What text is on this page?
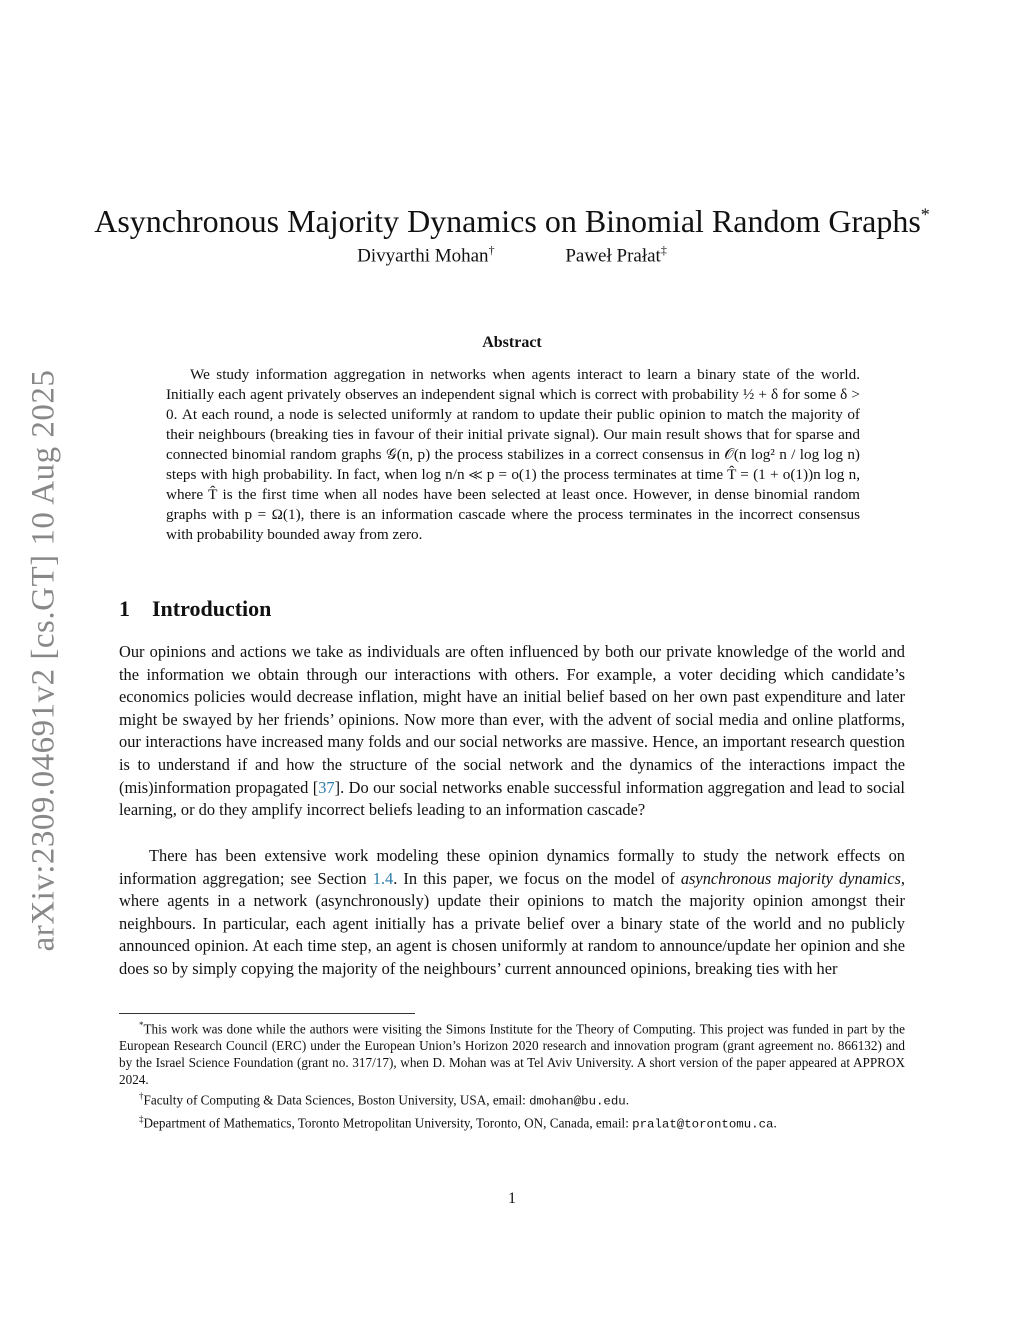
arXiv:2309.04691v2 [cs.GT] 10 Aug 2025
Asynchronous Majority Dynamics on Binomial Random Graphs*
Divyarthi Mohan†	Paweł Prałat‡
Abstract

We study information aggregation in networks when agents interact to learn a binary state of the world. Initially each agent privately observes an independent signal which is correct with probability ½ + δ for some δ > 0. At each round, a node is selected uniformly at random to update their public opinion to match the majority of their neighbours (breaking ties in favour of their initial private signal). Our main result shows that for sparse and connected binomial random graphs 𝒢(n, p) the process stabilizes in a correct consensus in 𝒪(n log² n / log log n) steps with high probability. In fact, when log n/n ≪ p = o(1) the process terminates at time T̂ = (1 + o(1))n log n, where T̂ is the first time when all nodes have been selected at least once. However, in dense binomial random graphs with p = Ω(1), there is an information cascade where the process terminates in the incorrect consensus with probability bounded away from zero.

1 Introduction

Our opinions and actions we take as individuals are often influenced by both our private knowledge of the world and the information we obtain through our interactions with others. For example, a voter deciding which candidate’s economics policies would decrease inflation, might have an initial belief based on her own past expenditure and later might be swayed by her friends’ opinions. Now more than ever, with the advent of social media and online platforms, our interactions have increased many folds and our social networks are massive. Hence, an important research question is to understand if and how the structure of the social network and the dynamics of the interactions impact the (mis)information propagated [37]. Do our social networks enable successful information aggregation and lead to social learning, or do they amplify incorrect beliefs leading to an information cascade?

There has been extensive work modeling these opinion dynamics formally to study the network effects on information aggregation; see Section 1.4. In this paper, we focus on the model of asynchronous majority dynamics, where agents in a network (asynchronously) update their opinions to match the majority opinion amongst their neighbours. In particular, each agent initially has a private belief over a binary state of the world and no publicly announced opinion. At each time step, an agent is chosen uniformly at random to announce/update her opinion and she does so by simply copying the majority of the neighbours’ current announced opinions, breaking ties with her

*This work was done while the authors were visiting the Simons Institute for the Theory of Computing. This project was funded in part by the European Research Council (ERC) under the European Union’s Horizon 2020 research and innovation program (grant agreement no. 866132) and by the Israel Science Foundation (grant no. 317/17), when D. Mohan was at Tel Aviv University. A short version of the paper appeared at APPROX 2024.

†Faculty of Computing & Data Sciences, Boston University, USA, email: dmohan@bu.edu.

‡Department of Mathematics, Toronto Metropolitan University, Toronto, ON, Canada, email: pralat@torontomu.ca.

1
